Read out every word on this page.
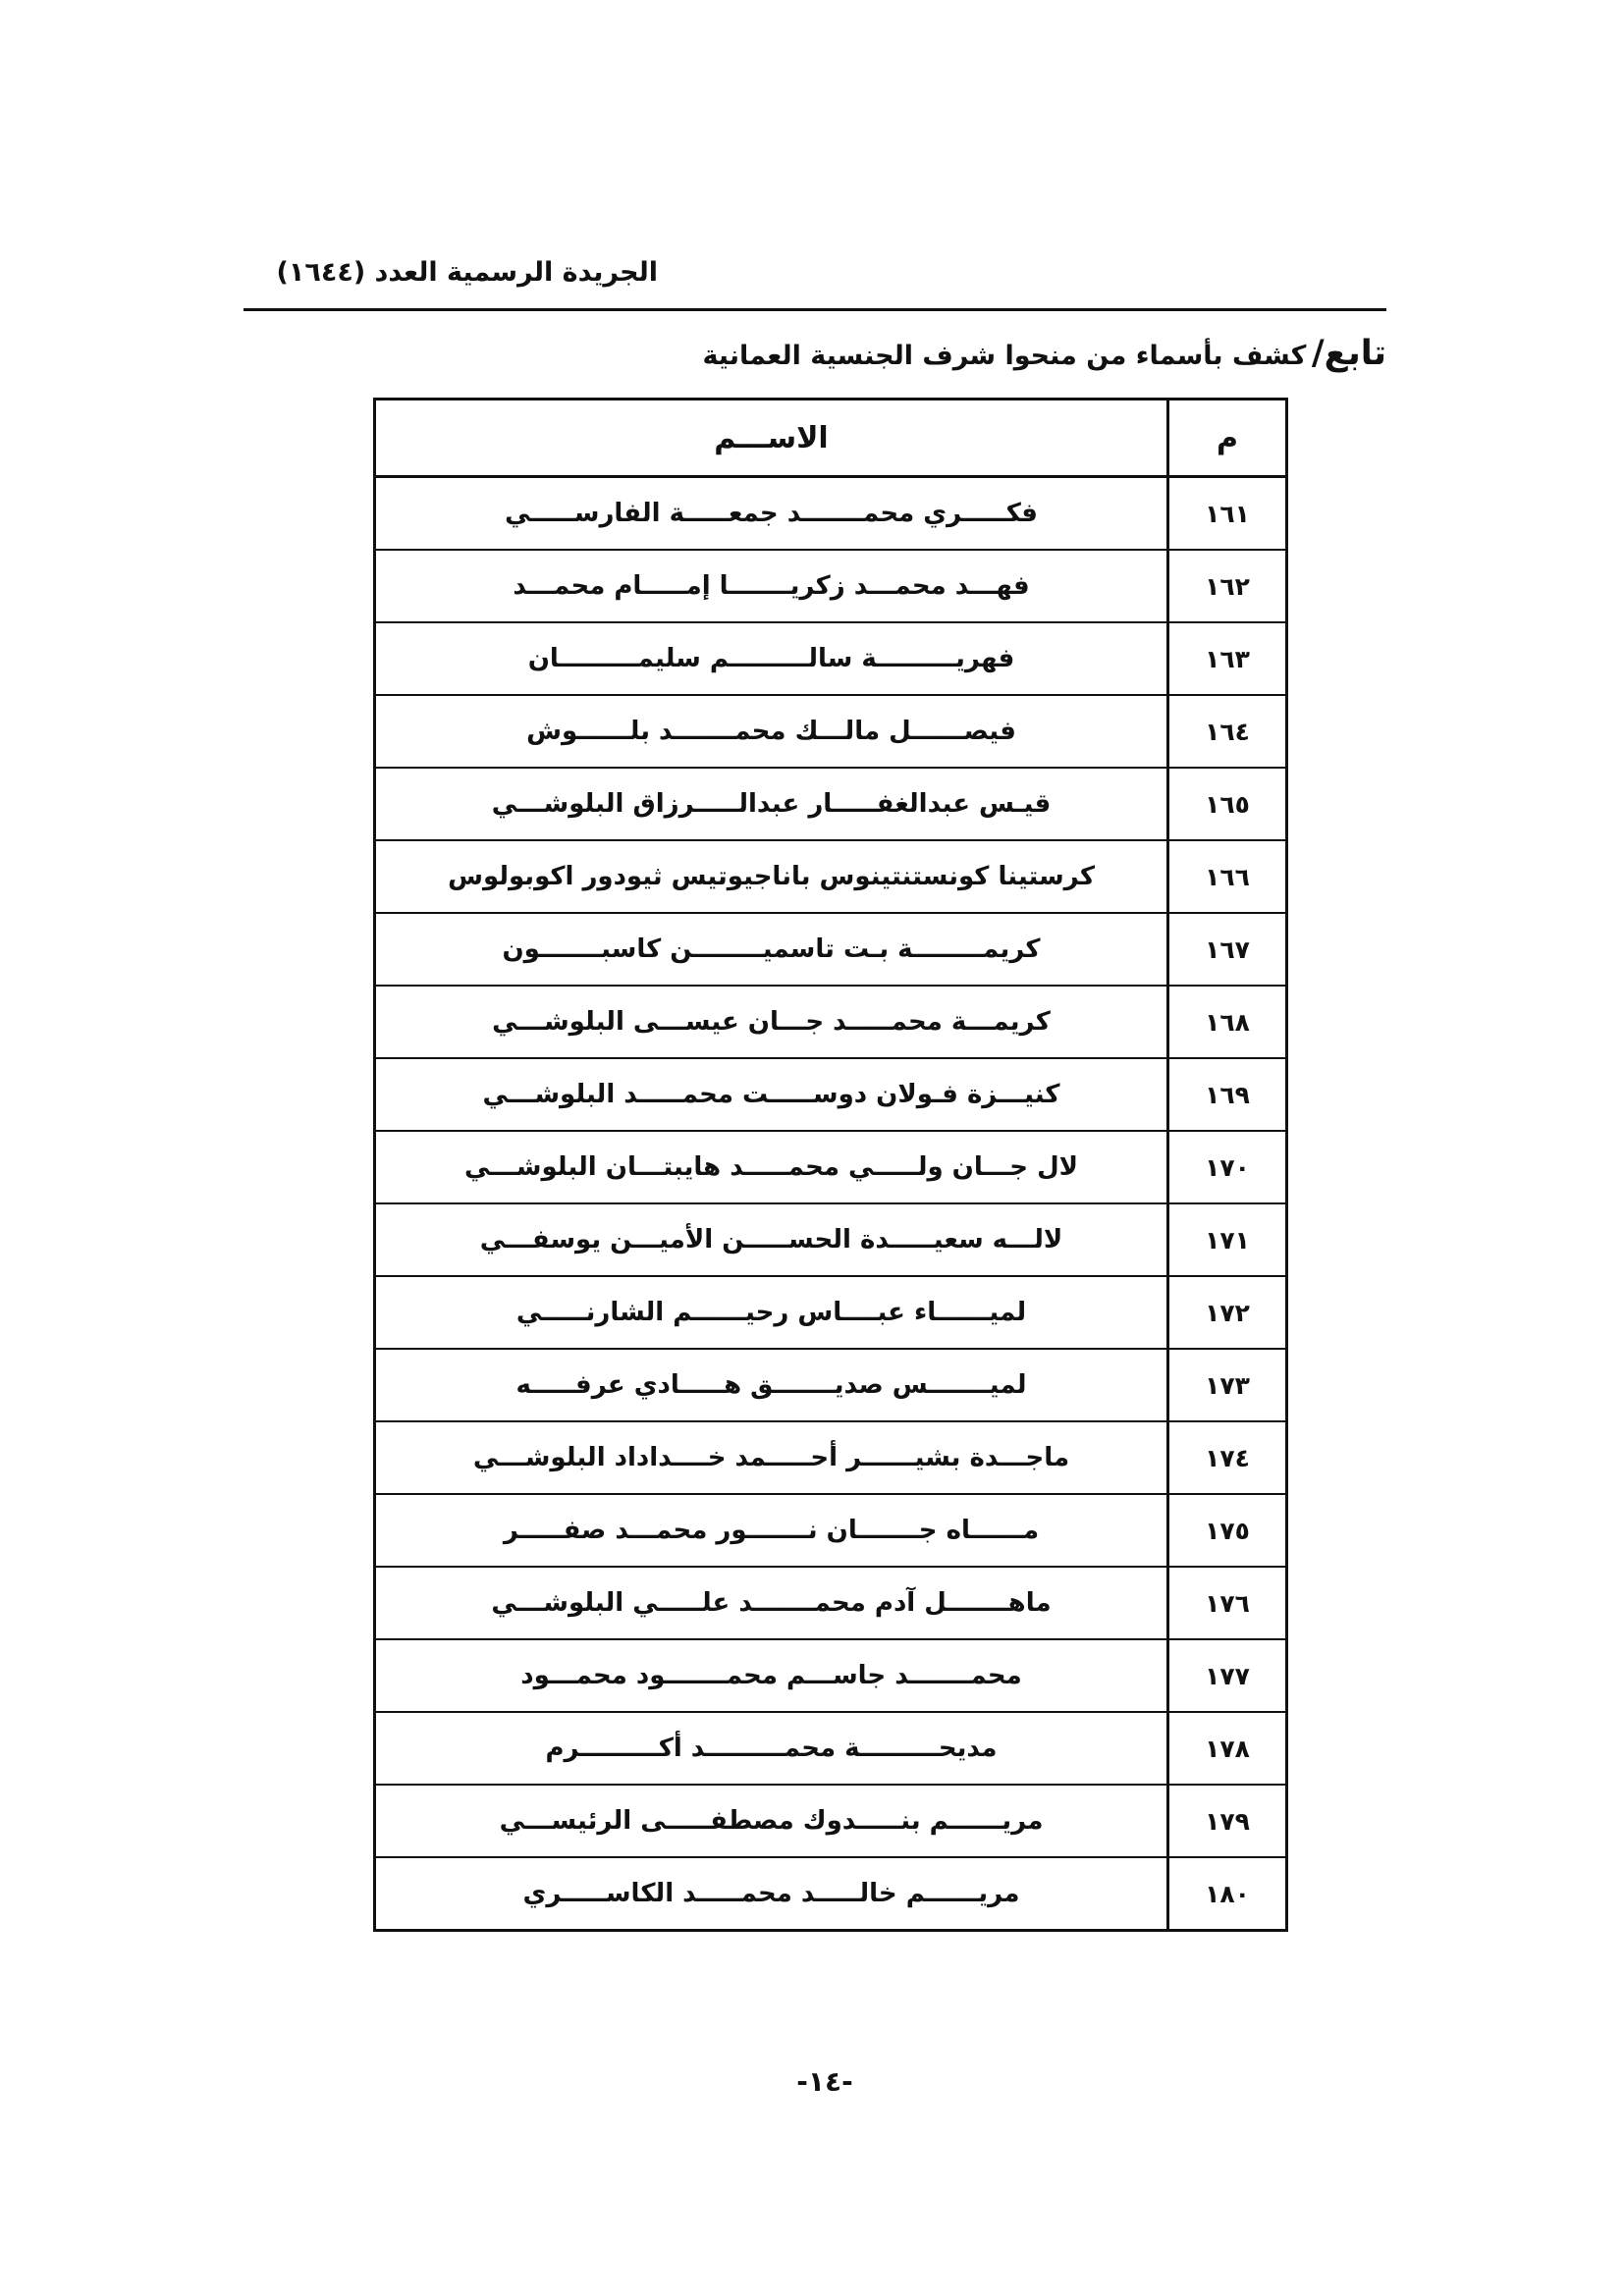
الجريدة الرسمية العدد (١٦٤٤)
تابع/ كشف بأسماء من منحوا شرف الجنسية العمانية
م	الاســـم
١٦١	فكـــــري محمـــــــد جمعـــــة الفارســـــي
١٦٢	فهـــد محمـــد زكريـــــــا إمـــــام محمـــد
١٦٣	فهريـــــــــة سالـــــــــم سليمـــــــــان
١٦٤	فيصــــــل مالـــك محمـــــــد بلــــــوش
١٦٥	قيـس عبدالغفـــــار عبدالـــــرزاق البلوشـــي
١٦٦	كرستينا كونستنتينوس باناجيوتيس ثيودور اكوبولوس
١٦٧	كريمــــــــة بـت تاسميــــــــن كاسبـــــــون
١٦٨	كريمـــة محمـــــد جـــان عيســـى البلوشـــي
١٦٩	كنيـــزة فـولان دوســـــت محمـــــد البلوشـــي
١٧٠	لال جـــان ولـــــي محمـــــد هايبتـــان البلوشـــي
١٧١	لالـــه سعيـــــدة الحســـــن الأميـــن يوسفـــي
١٧٢	لميــــــاء عبــــاس رحيــــــم الشارنـــــي
١٧٣	لميـــــــس صديـــــــق هـــــادي عرفـــــه
١٧٤	ماجـــدة بشيــــــر أحـــــمد خــــداداد البلوشـــي
١٧٥	مــــــاه جـــــــان نـــــــور محمـــد صفـــــر
١٧٦	ماهـــــــل آدم محمـــــــد علـــــي البلوشـــي
١٧٧	محمـــــــد جاســـم محمـــــــود محمـــود
١٧٨	مديحـــــــــة محمـــــــــد أكـــــــــرم
١٧٩	مريــــــم بنـــــدوك مصطفـــــى الرئيســـي
١٨٠	مريــــــم خالـــــد محمـــــد الكاســـــري
-١٤-
